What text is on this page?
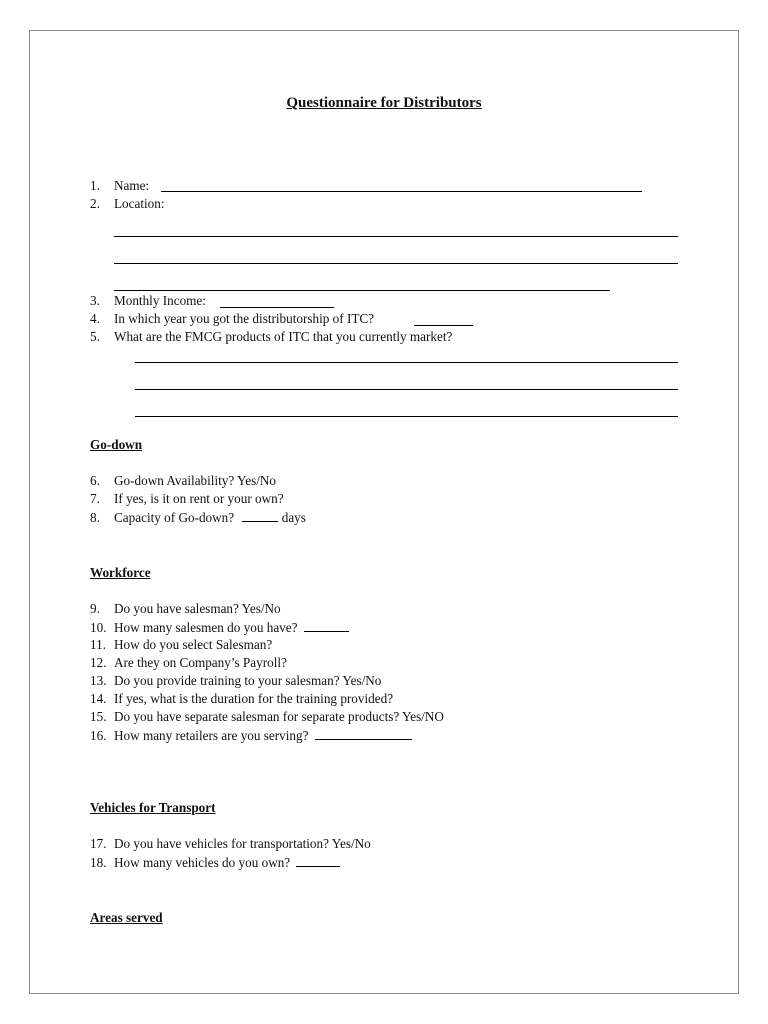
Questionnaire for Distributors
1. Name:
2. Location:
3. Monthly Income:
4. In which year you got the distributorship of ITC?
5. What are the FMCG products of ITC that you currently market?
Go-down
6. Go-down Availability? Yes/No
7. If yes, is it on rent or your own?
8. Capacity of Go-down?	days
Workforce
9. Do you have salesman? Yes/No
10. How many salesmen do you have?
11. How do you select Salesman?
12. Are they on Company’s Payroll?
13. Do you provide training to your salesman? Yes/No
14. If yes, what is the duration for the training provided?
15. Do you have separate salesman for separate products? Yes/NO
16. How many retailers are you serving?
Vehicles for Transport
17. Do you have vehicles for transportation? Yes/No
18. How many vehicles do you own?
Areas served
